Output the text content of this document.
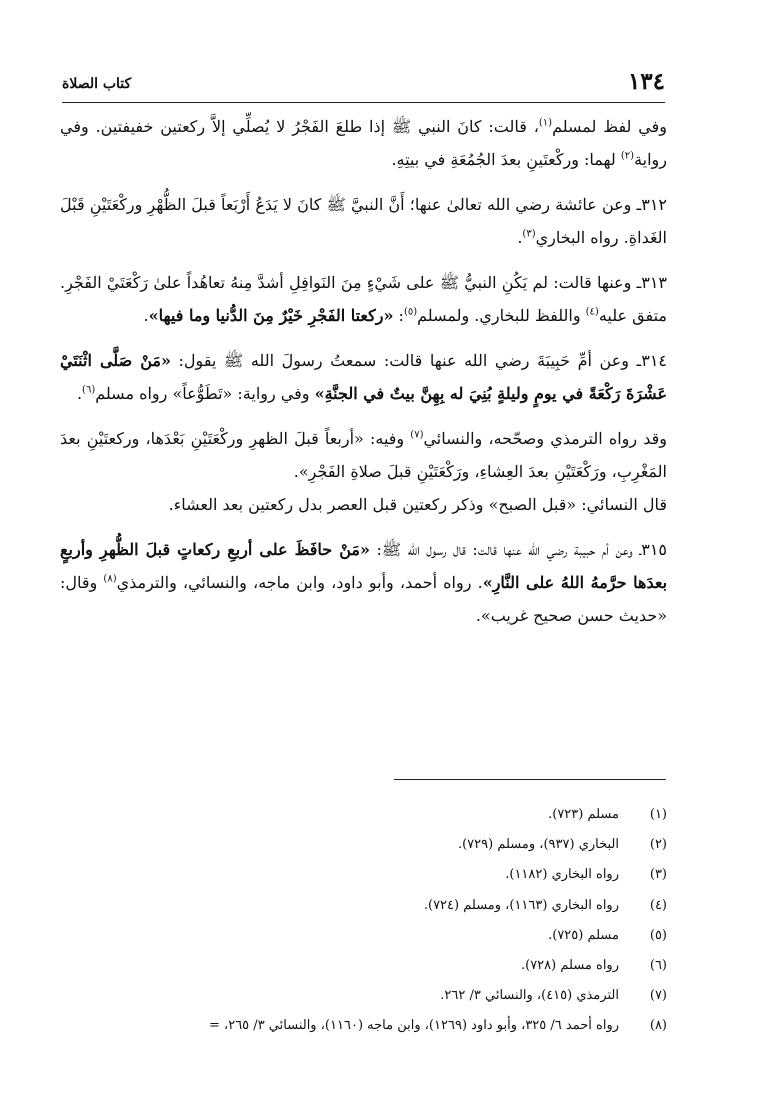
١٣٤
كتاب الصلاة

وفي لفظ لمسلم$^{(١)}$، قالت: كانَ النبي ﷺ إذا طلعَ الفَجْرُ لا يُصلِّي إلاَّ ركعتين خفيفتين. وفي رواية$^{(٢)}$ لهما: وركْعتَينِ بعدَ الجُمُعَةِ في بيتِهِ.

٣١٢ـ وعن عائشة رضي الله تعالىٰ عنها؛ أَنَّ النبيَّ ﷺ كانَ لا يَدَعُ أَرْبَعاً قبلَ الظُّهْرِ وركْعَتَيْنِ قَبْلَ الغَداةِ. رواه البخاري$^{(٣)}$.

٣١٣ـ وعنها قالت: لم يَكُنِ النبيُّ ﷺ على شَيْءٍ مِنَ النَوافِلِ أشدَّ مِنهُ تعاهُداً علىٰ رَكْعَتَيْ الفَجْرِ. متفق عليه$^{(٤)}$ واللفظ للبخاري. ولمسلم$^{(٥)}$: «ركعتا الفَجْرِ خَيْرٌ مِنَ الدُّنيا وما فيها».

٣١٤ـ وعن أمِّ حَبِيبَةَ رضي الله عنها قالت: سمعتُ رسولَ الله ﷺ يقول: «مَنْ صَلَّى اثْنَتَيْ عَشْرَةَ رَكْعَةً في يومٍ وليلةٍ بُنِيَ له بِهِنَّ بيتٌ في الجنَّةِ» وفي رواية: «تَطَوُّعاً» رواه مسلم$^{(٦)}$.

وقد رواه الترمذي وصحّحه، والنسائي$^{(٧)}$ وفيه: «أربعاً قبلَ الظهرِ وركْعَتَيْنِ بَعْدَها، وركعتَيْنِ بعدَ المَغْرِبِ، ورَكْعَتَيْنِ بعدَ العِشاءِ، ورَكْعَتَيْنِ قبلَ صلاةِ الفَجْرِ».

قال النسائي: «قبل الصبح» وذكر ركعتين قبل العصر بدل ركعتين بعد العشاء.

٣١٥ـ وعن أم حبيبة رضي الله عنها قالت: قال رسول الله ﷺ: «مَنْ حافَظَ على أربعِ ركعاتٍ قبلَ الظُّهرِ وأربعٍ بعدَها حرَّمهُ اللهُ على النَّارِ». رواه أحمد، وأبو داود، وابن ماجه، والنسائي، والترمذي$^{(٨)}$ وقال: «حديث حسن صحيح غريب».

(١)
مسلم (٧٢٣).
(٢)
البخاري (٩٣٧)، ومسلم (٧٢٩).
(٣)
رواه البخاري (١١٨٢).
(٤)
رواه البخاري (١١٦٣)، ومسلم (٧٢٤).
(٥)
مسلم (٧٢٥).
(٦)
رواه مسلم (٧٢٨).
(٧)
الترمذي (٤١٥)، والنسائي ٣/ ٢٦٢.
(٨)
رواه أحمد ٦/ ٣٢٥، وأبو داود (١٢٦٩)، وابن ماجه (١١٦٠)، والنسائي ٣/ ٢٦٥، =
